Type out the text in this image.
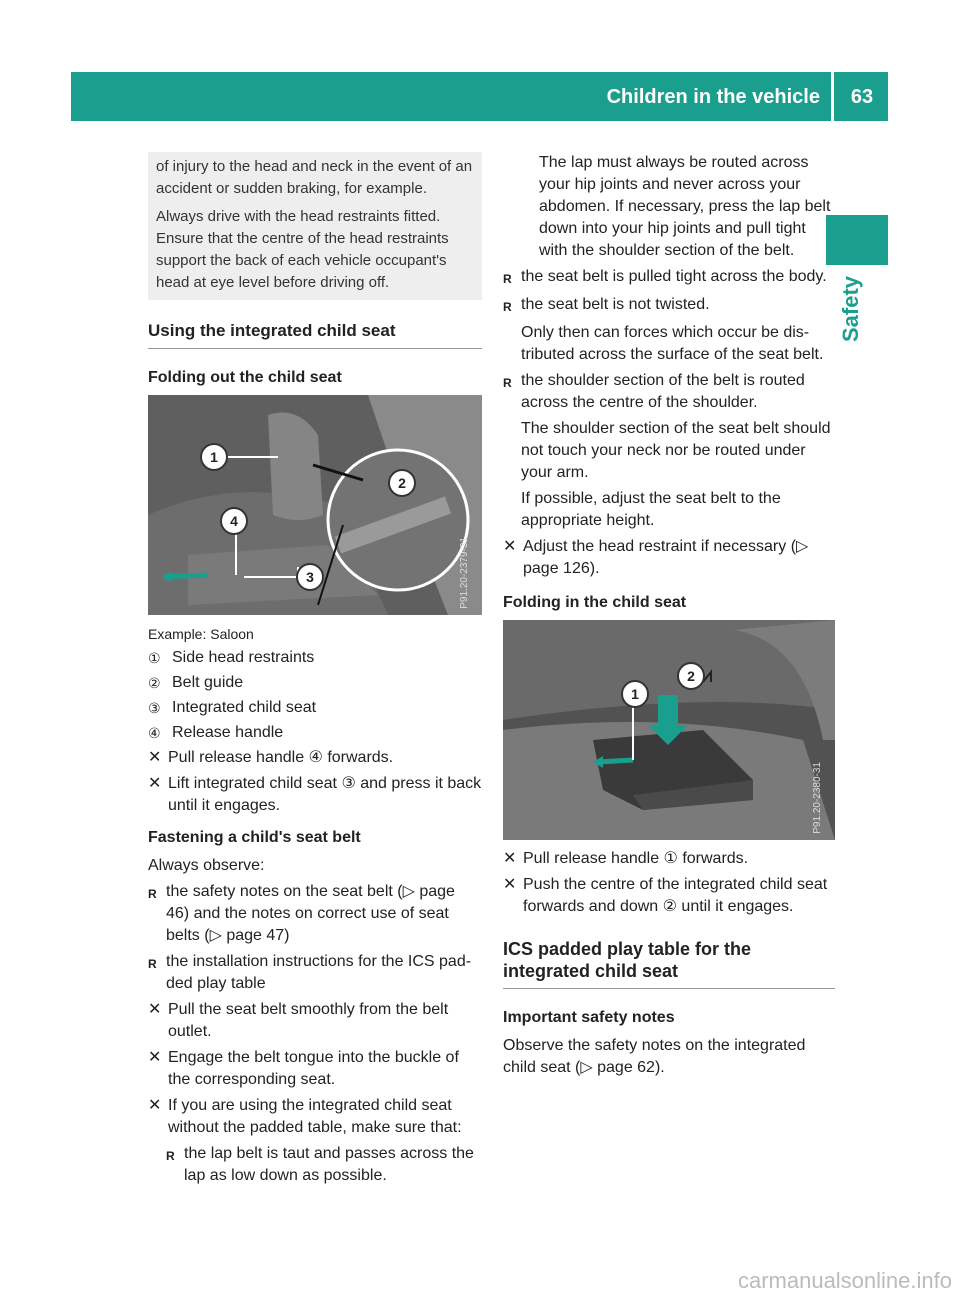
Children in the vehicle	63
Safety

of injury to the head and neck in the event of an accident or sudden braking, for example.

Always drive with the head restraints fitted. Ensure that the centre of the head restraints support the back of each vehicle occupant's head at eye level before driving off.

Using the integrated child seat
Folding out the child seat
1
2
3
4
P91.20-2379-31
Example: Saloon
① Side head restraints
② Belt guide
③ Integrated child seat
④ Release handle
✕ Pull release handle ④ forwards.
✕ Lift integrated child seat ③ and press it back until it engages.
Fastening a child's seat belt

Always observe:

R the safety notes on the seat belt (▷ page 46) and the notes on correct use of seat belts (▷ page 47)
R the installation instructions for the ICS pad-ded play table
✕ Pull the seat belt smoothly from the belt outlet.
✕ Engage the belt tongue into the buckle of the corresponding seat.
✕ If you are using the integrated child seat without the padded table, make sure that:
R the lap belt is taut and passes across the lap as low down as possible.

The lap must always be routed across your hip joints and never across your abdomen. If necessary, press the lap belt down into your hip joints and pull tight with the shoulder section of the belt.

R the seat belt is pulled tight across the body.
R the seat belt is not twisted.

Only then can forces which occur be dis-tributed across the surface of the seat belt.

R the shoulder section of the belt is routed across the centre of the shoulder.

The shoulder section of the seat belt should not touch your neck nor be routed under your arm.

If possible, adjust the seat belt to the appropriate height.

✕ Adjust the head restraint if necessary (▷ page 126).
Folding in the child seat
1
2
P91.20-2380-31
✕ Pull release handle ① forwards.
✕ Push the centre of the integrated child seat forwards and down ② until it engages.
ICS padded play table for the integrated child seat
Important safety notes

Observe the safety notes on the integrated child seat (▷ page 62).

carmanualsonline.info
